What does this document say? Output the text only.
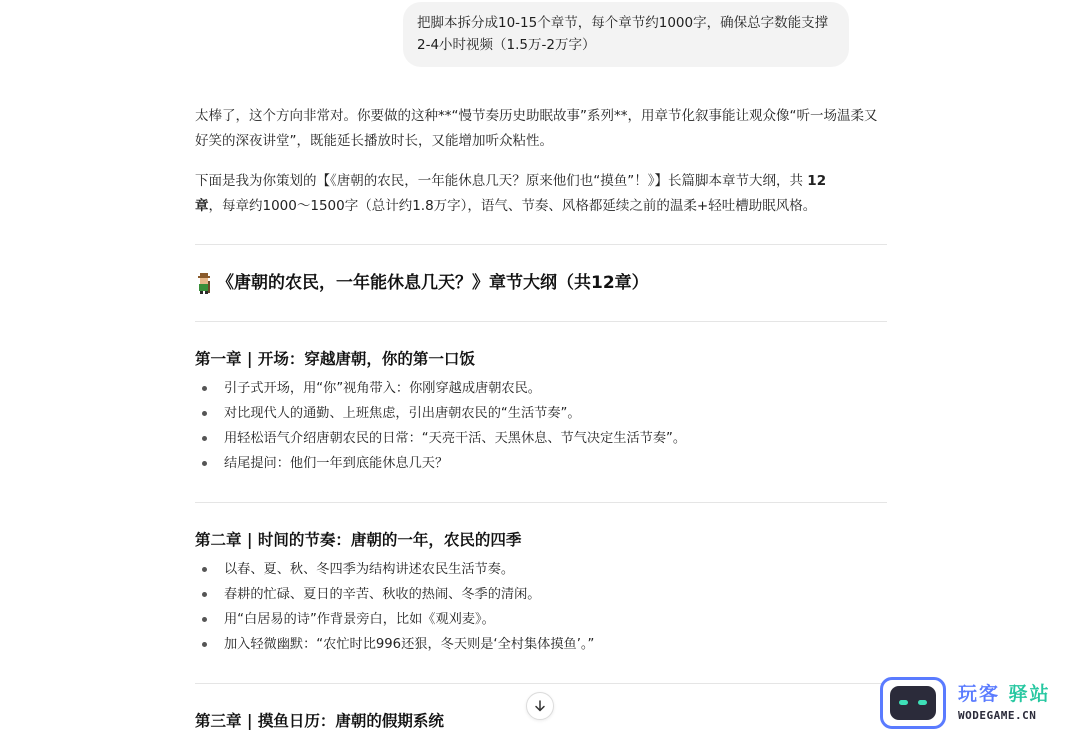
把脚本拆分成10-15个章节，每个章节约1000字，确保总字数能支撑2-4小时视频（1.5万-2万字）
太棒了，这个方向非常对。你要做的这种**“慢节奏历史助眠故事”系列**，用章节化叙事能让观众像“听一场温柔又好笑的深夜讲堂”，既能延长播放时长，又能增加听众粘性。
下面是我为你策划的【《唐朝的农民，一年能休息几天？原来他们也“摸鱼”！》】长篇脚本章节大纲，共 12
章，每章约1000～1500字（总计约1.8万字），语气、节奏、风格都延续之前的温柔+轻吐槽助眠风格。
《唐朝的农民，一年能休息几天？》章节大纲（共12章）
第一章 | 开场：穿越唐朝，你的第一口饭
引子式开场，用“你”视角带入：你刚穿越成唐朝农民。
对比现代人的通勤、上班焦虑，引出唐朝农民的“生活节奏”。
用轻松语气介绍唐朝农民的日常：“天亮干活、天黑休息、节气决定生活节奏”。
结尾提问：他们一年到底能休息几天？
第二章 | 时间的节奏：唐朝的一年，农民的四季
以春、夏、秋、冬四季为结构讲述农民生活节奏。
春耕的忙碌、夏日的辛苦、秋收的热闹、冬季的清闲。
用“白居易的诗”作背景旁白，比如《观刈麦》。
加入轻微幽默：“农忙时比996还狠，冬天则是‘全村集体摸鱼’。”
第三章 | 摸鱼日历：唐朝的假期系统
玩客 驿站
WODEGAME.CN
